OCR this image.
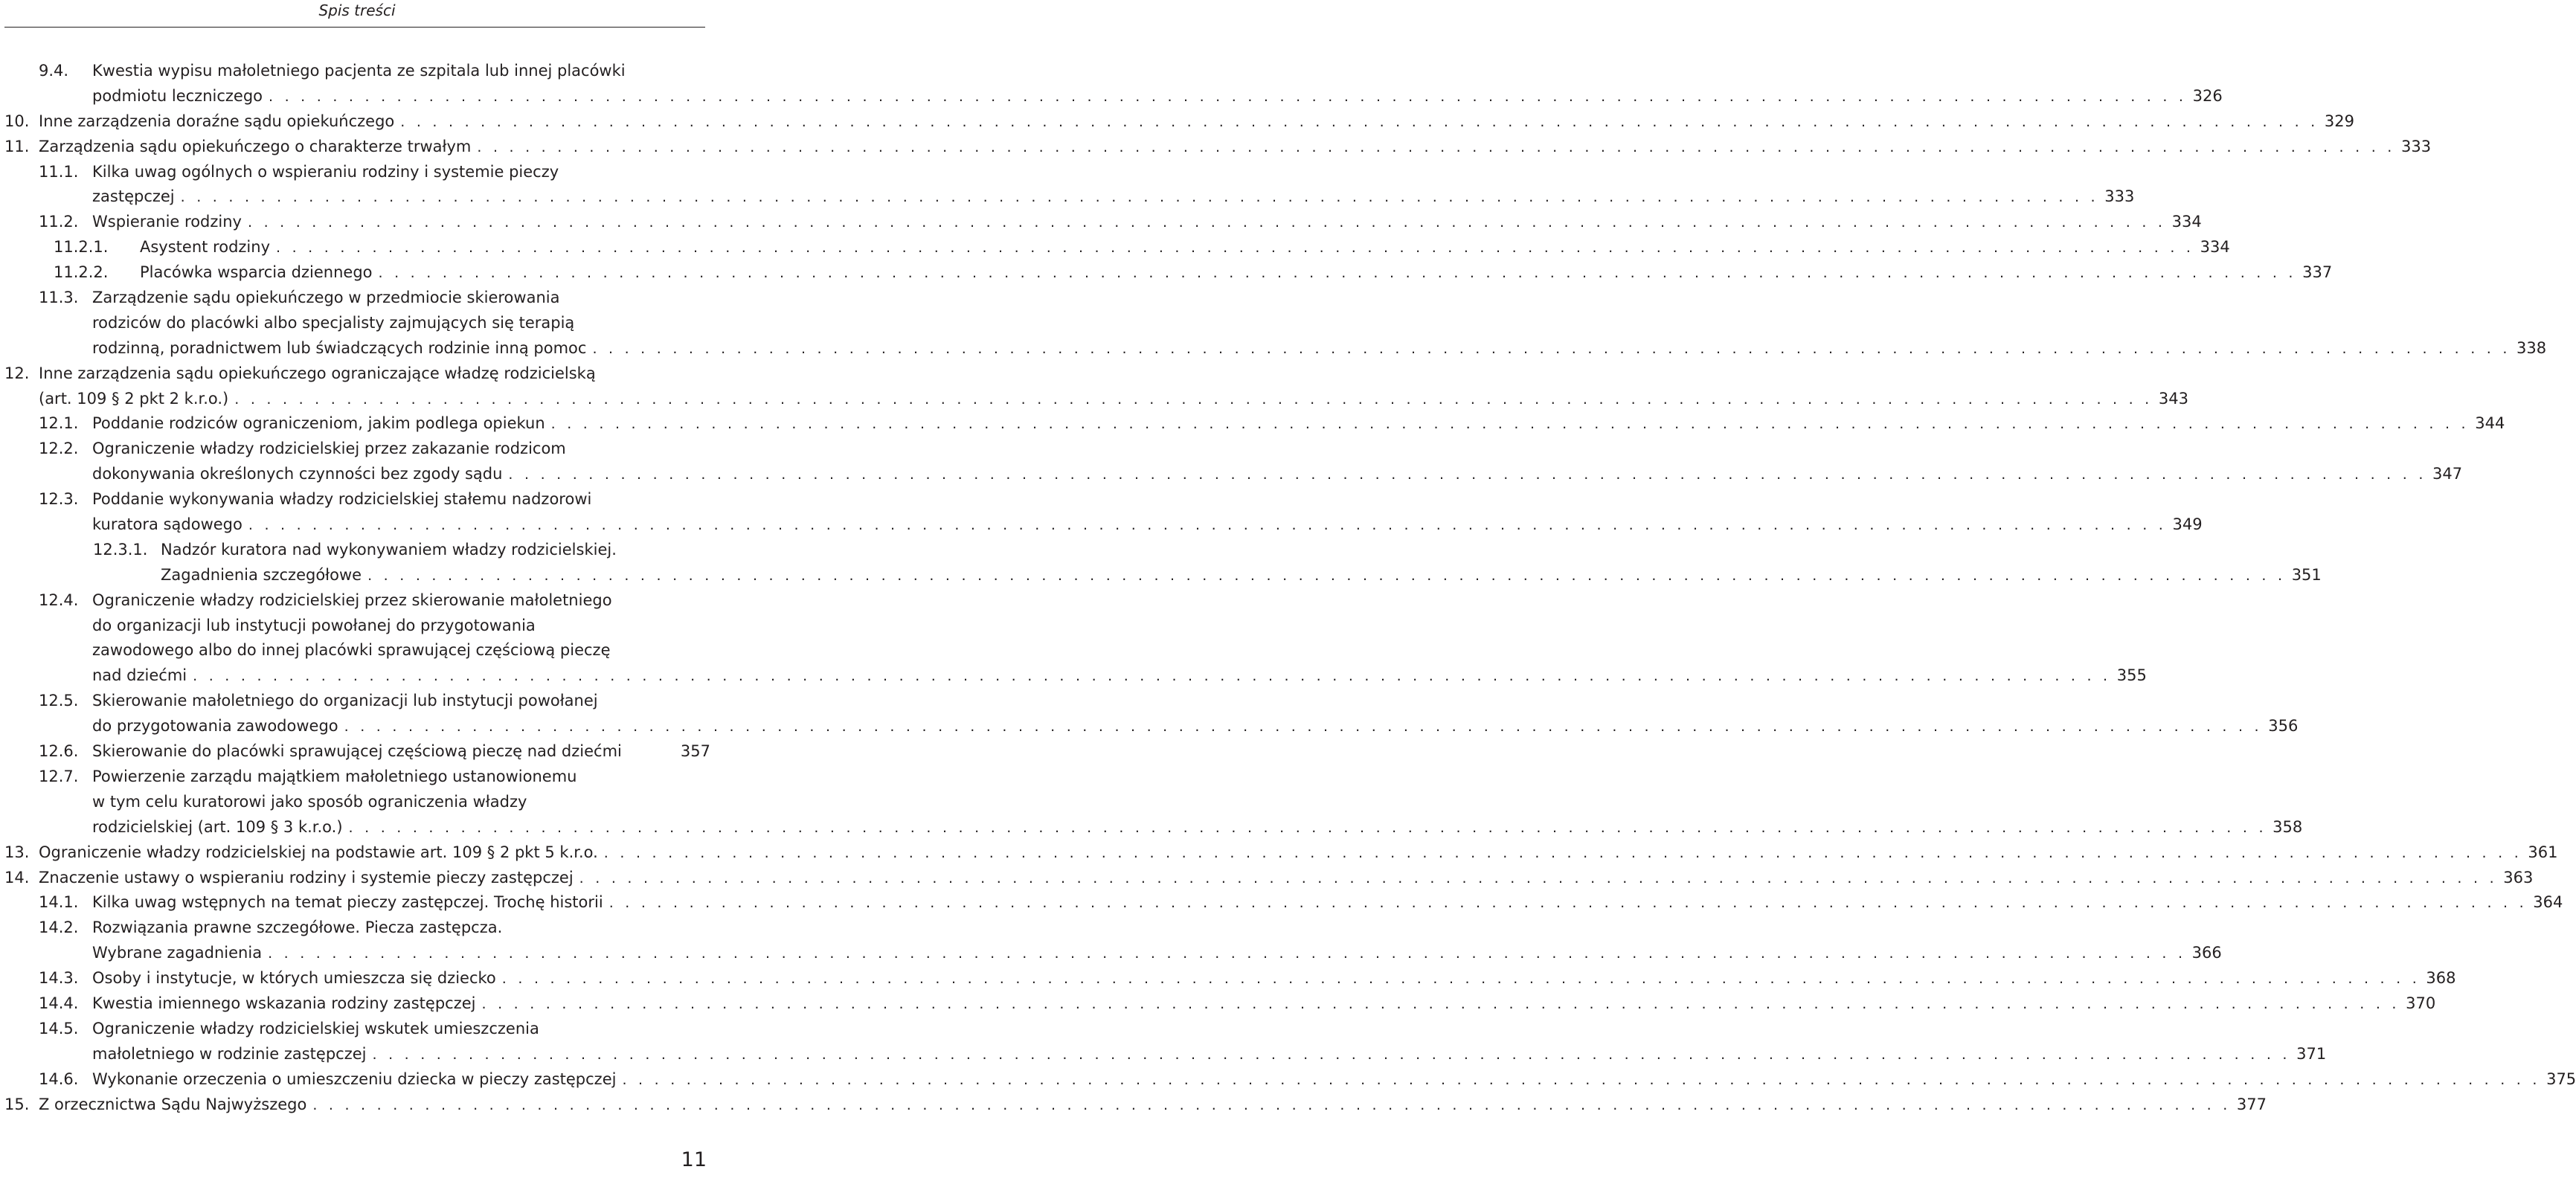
Spis treści
9.4. Kwestia wypisu małoletniego pacjenta ze szpitala lub innej placówki
podmiotu leczniczego . . . . . . . . . . . . . . . . . . . . . . . . . . . . . . . . . . . . . . . . . . . . . . . . . . . . . . . . . . . . . . . . . . . . . . . . . . . . . . . . . . . . . . . . . . . . . . . . . . . . . . . . . . . . . . . . . . . . . . . . 326
10. Inne zarządzenia doraźne sądu opiekuńczego . . . . . . . . . . . . . . . . . . . . . . . . . . . . . . . . . . . . . . . . . . . . . . . . . . . . . . . . . . . . . . . . . . . . . . . . . . . . . . . . . . . . . . . . . . . . . . . . . . . . . . . . . . . . . . . . . . . . . . . . 329
11. Zarządzenia sądu opiekuńczego o charakterze trwałym . . . . . . . . . . . . . . . . . . . . . . . . . . . . . . . . . . . . . . . . . . . . . . . . . . . . . . . . . . . . . . . . . . . . . . . . . . . . . . . . . . . . . . . . . . . . . . . . . . . . . . . . . . . . . . . . . . . . . . . . 333
11.1. Kilka uwag ogólnych o wspieraniu rodziny i systemie pieczy
zastępczej . . . . . . . . . . . . . . . . . . . . . . . . . . . . . . . . . . . . . . . . . . . . . . . . . . . . . . . . . . . . . . . . . . . . . . . . . . . . . . . . . . . . . . . . . . . . . . . . . . . . . . . . . . . . . . . . . . . . . . . . 333
11.2. Wspieranie rodziny . . . . . . . . . . . . . . . . . . . . . . . . . . . . . . . . . . . . . . . . . . . . . . . . . . . . . . . . . . . . . . . . . . . . . . . . . . . . . . . . . . . . . . . . . . . . . . . . . . . . . . . . . . . . . . . . . . . . . . . . 334
11.2.1. Asystent rodziny . . . . . . . . . . . . . . . . . . . . . . . . . . . . . . . . . . . . . . . . . . . . . . . . . . . . . . . . . . . . . . . . . . . . . . . . . . . . . . . . . . . . . . . . . . . . . . . . . . . . . . . . . . . . . . . . . . . . . . . . 334
11.2.2. Placówka wsparcia dziennego . . . . . . . . . . . . . . . . . . . . . . . . . . . . . . . . . . . . . . . . . . . . . . . . . . . . . . . . . . . . . . . . . . . . . . . . . . . . . . . . . . . . . . . . . . . . . . . . . . . . . . . . . . . . . . . . . . . . . . . . 337
11.3. Zarządzenie sądu opiekuńczego w przedmiocie skierowania
rodziców do placówki albo specjalisty zajmujących się terapią
rodzinną, poradnictwem lub świadczących rodzinie inną pomoc . . . . . . . . . . . . . . . . . . . . . . . . . . . . . . . . . . . . . . . . . . . . . . . . . . . . . . . . . . . . . . . . . . . . . . . . . . . . . . . . . . . . . . . . . . . . . . . . . . . . . . . . . . . . . . . . . . . . . . . . 338
12. Inne zarządzenia sądu opiekuńczego ograniczające władzę rodzicielską
(art. 109 § 2 pkt 2 k.r.o.) . . . . . . . . . . . . . . . . . . . . . . . . . . . . . . . . . . . . . . . . . . . . . . . . . . . . . . . . . . . . . . . . . . . . . . . . . . . . . . . . . . . . . . . . . . . . . . . . . . . . . . . . . . . . . . . . . . . . . . . . 343
12.1. Poddanie rodziców ograniczeniom, jakim podlega opiekun . . . . . . . . . . . . . . . . . . . . . . . . . . . . . . . . . . . . . . . . . . . . . . . . . . . . . . . . . . . . . . . . . . . . . . . . . . . . . . . . . . . . . . . . . . . . . . . . . . . . . . . . . . . . . . . . . . . . . . . . 344
12.2. Ograniczenie władzy rodzicielskiej przez zakazanie rodzicom
dokonywania określonych czynności bez zgody sądu . . . . . . . . . . . . . . . . . . . . . . . . . . . . . . . . . . . . . . . . . . . . . . . . . . . . . . . . . . . . . . . . . . . . . . . . . . . . . . . . . . . . . . . . . . . . . . . . . . . . . . . . . . . . . . . . . . . . . . . . 347
12.3. Poddanie wykonywania władzy rodzicielskiej stałemu nadzorowi
kuratora sądowego . . . . . . . . . . . . . . . . . . . . . . . . . . . . . . . . . . . . . . . . . . . . . . . . . . . . . . . . . . . . . . . . . . . . . . . . . . . . . . . . . . . . . . . . . . . . . . . . . . . . . . . . . . . . . . . . . . . . . . . . 349
12.3.1. Nadzór kuratora nad wykonywaniem władzy rodzicielskiej.
Zagadnienia szczegółowe . . . . . . . . . . . . . . . . . . . . . . . . . . . . . . . . . . . . . . . . . . . . . . . . . . . . . . . . . . . . . . . . . . . . . . . . . . . . . . . . . . . . . . . . . . . . . . . . . . . . . . . . . . . . . . . . . . . . . . . . 351
12.4. Ograniczenie władzy rodzicielskiej przez skierowanie małoletniego
do organizacji lub instytucji powołanej do przygotowania
zawodowego albo do innej placówki sprawującej częściową pieczę
nad dziećmi . . . . . . . . . . . . . . . . . . . . . . . . . . . . . . . . . . . . . . . . . . . . . . . . . . . . . . . . . . . . . . . . . . . . . . . . . . . . . . . . . . . . . . . . . . . . . . . . . . . . . . . . . . . . . . . . . . . . . . . . 355
12.5. Skierowanie małoletniego do organizacji lub instytucji powołanej
do przygotowania zawodowego . . . . . . . . . . . . . . . . . . . . . . . . . . . . . . . . . . . . . . . . . . . . . . . . . . . . . . . . . . . . . . . . . . . . . . . . . . . . . . . . . . . . . . . . . . . . . . . . . . . . . . . . . . . . . . . . . . . . . . . . 356
12.6. Skierowanie do placówki sprawującej częściową pieczę nad dziećmi	357
12.7. Powierzenie zarządu majątkiem małoletniego ustanowionemu
w tym celu kuratorowi jako sposób ograniczenia władzy
rodzicielskiej (art. 109 § 3 k.r.o.) . . . . . . . . . . . . . . . . . . . . . . . . . . . . . . . . . . . . . . . . . . . . . . . . . . . . . . . . . . . . . . . . . . . . . . . . . . . . . . . . . . . . . . . . . . . . . . . . . . . . . . . . . . . . . . . . . . . . . . . . 358
13. Ograniczenie władzy rodzicielskiej na podstawie art. 109 § 2 pkt 5 k.r.o. . . . . . . . . . . . . . . . . . . . . . . . . . . . . . . . . . . . . . . . . . . . . . . . . . . . . . . . . . . . . . . . . . . . . . . . . . . . . . . . . . . . . . . . . . . . . . . . . . . . . . . . . . . . . . . . . . . . . . . . . 361
14. Znaczenie ustawy o wspieraniu rodziny i systemie pieczy zastępczej . . . . . . . . . . . . . . . . . . . . . . . . . . . . . . . . . . . . . . . . . . . . . . . . . . . . . . . . . . . . . . . . . . . . . . . . . . . . . . . . . . . . . . . . . . . . . . . . . . . . . . . . . . . . . . . . . . . . . . . . 363
14.1. Kilka uwag wstępnych na temat pieczy zastępczej. Trochę historii . . . . . . . . . . . . . . . . . . . . . . . . . . . . . . . . . . . . . . . . . . . . . . . . . . . . . . . . . . . . . . . . . . . . . . . . . . . . . . . . . . . . . . . . . . . . . . . . . . . . . . . . . . . . . . . . . . . . . . . . 364
14.2. Rozwiązania prawne szczegółowe. Piecza zastępcza.
Wybrane zagadnienia . . . . . . . . . . . . . . . . . . . . . . . . . . . . . . . . . . . . . . . . . . . . . . . . . . . . . . . . . . . . . . . . . . . . . . . . . . . . . . . . . . . . . . . . . . . . . . . . . . . . . . . . . . . . . . . . . . . . . . . . 366
14.3. Osoby i instytucje, w których umieszcza się dziecko . . . . . . . . . . . . . . . . . . . . . . . . . . . . . . . . . . . . . . . . . . . . . . . . . . . . . . . . . . . . . . . . . . . . . . . . . . . . . . . . . . . . . . . . . . . . . . . . . . . . . . . . . . . . . . . . . . . . . . . . 368
14.4. Kwestia imiennego wskazania rodziny zastępczej . . . . . . . . . . . . . . . . . . . . . . . . . . . . . . . . . . . . . . . . . . . . . . . . . . . . . . . . . . . . . . . . . . . . . . . . . . . . . . . . . . . . . . . . . . . . . . . . . . . . . . . . . . . . . . . . . . . . . . . . 370
14.5. Ograniczenie władzy rodzicielskiej wskutek umieszczenia
małoletniego w rodzinie zastępczej . . . . . . . . . . . . . . . . . . . . . . . . . . . . . . . . . . . . . . . . . . . . . . . . . . . . . . . . . . . . . . . . . . . . . . . . . . . . . . . . . . . . . . . . . . . . . . . . . . . . . . . . . . . . . . . . . . . . . . . . 371
14.6. Wykonanie orzeczenia o umieszczeniu dziecka w pieczy zastępczej . . . . . . . . . . . . . . . . . . . . . . . . . . . . . . . . . . . . . . . . . . . . . . . . . . . . . . . . . . . . . . . . . . . . . . . . . . . . . . . . . . . . . . . . . . . . . . . . . . . . . . . . . . . . . . . . . . . . . . . . 375
15. Z orzecznictwa Sądu Najwyższego . . . . . . . . . . . . . . . . . . . . . . . . . . . . . . . . . . . . . . . . . . . . . . . . . . . . . . . . . . . . . . . . . . . . . . . . . . . . . . . . . . . . . . . . . . . . . . . . . . . . . . . . . . . . . . . . . . . . . . . . 377
11
